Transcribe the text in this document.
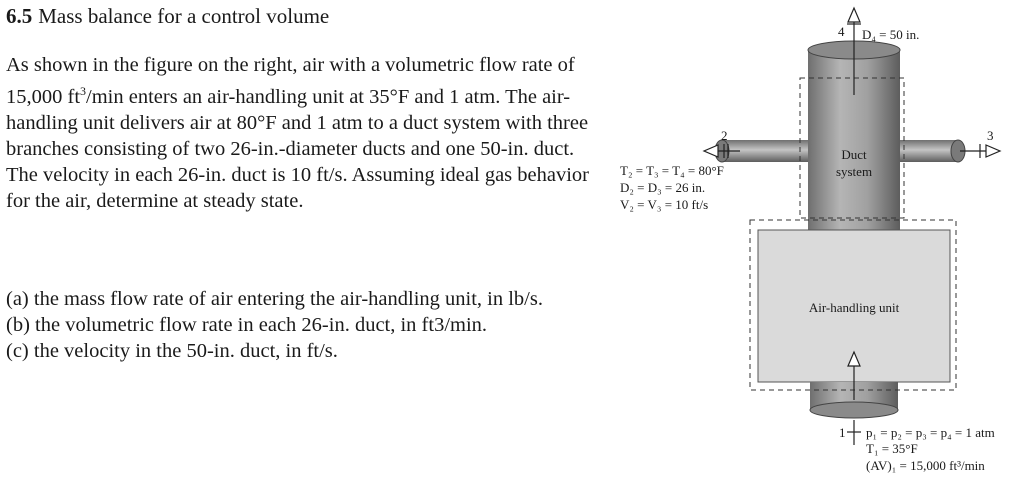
6.5 Mass balance for a control volume

As shown in the figure on the right, air with a volumetric flow rate of 15,000 $ft^3/\min$ enters an air-handling unit at 35°F and 1 atm. The air-handling unit delivers air at 80°F and 1 atm to a duct system with three branches consisting of two 26-in.-diameter ducts and one 50-in. duct. The velocity in each 26-in. duct is 10 ft/s. Assuming ideal gas behavior for the air, determine at steady state.

(a) the mass flow rate of air entering the air-handling unit, in lb/s.
(b) the volumetric flow rate in each 26-in. duct, in ft3/min.
(c) the velocity in the 50-in. duct, in ft/s.
4 D₄ = 50 in.
2	3
Duct
system
Air-handling unit
T₂ = T₃ = T₄ = 80°F
D₂ = D₃ = 26 in.
V₂ = V₃ = 10 ft/s
1 p₁ = p₂ = p₃ = p₄ = 1 atm
T₁ = 35°F
(AV)₁ = 15,000 ft³/min
